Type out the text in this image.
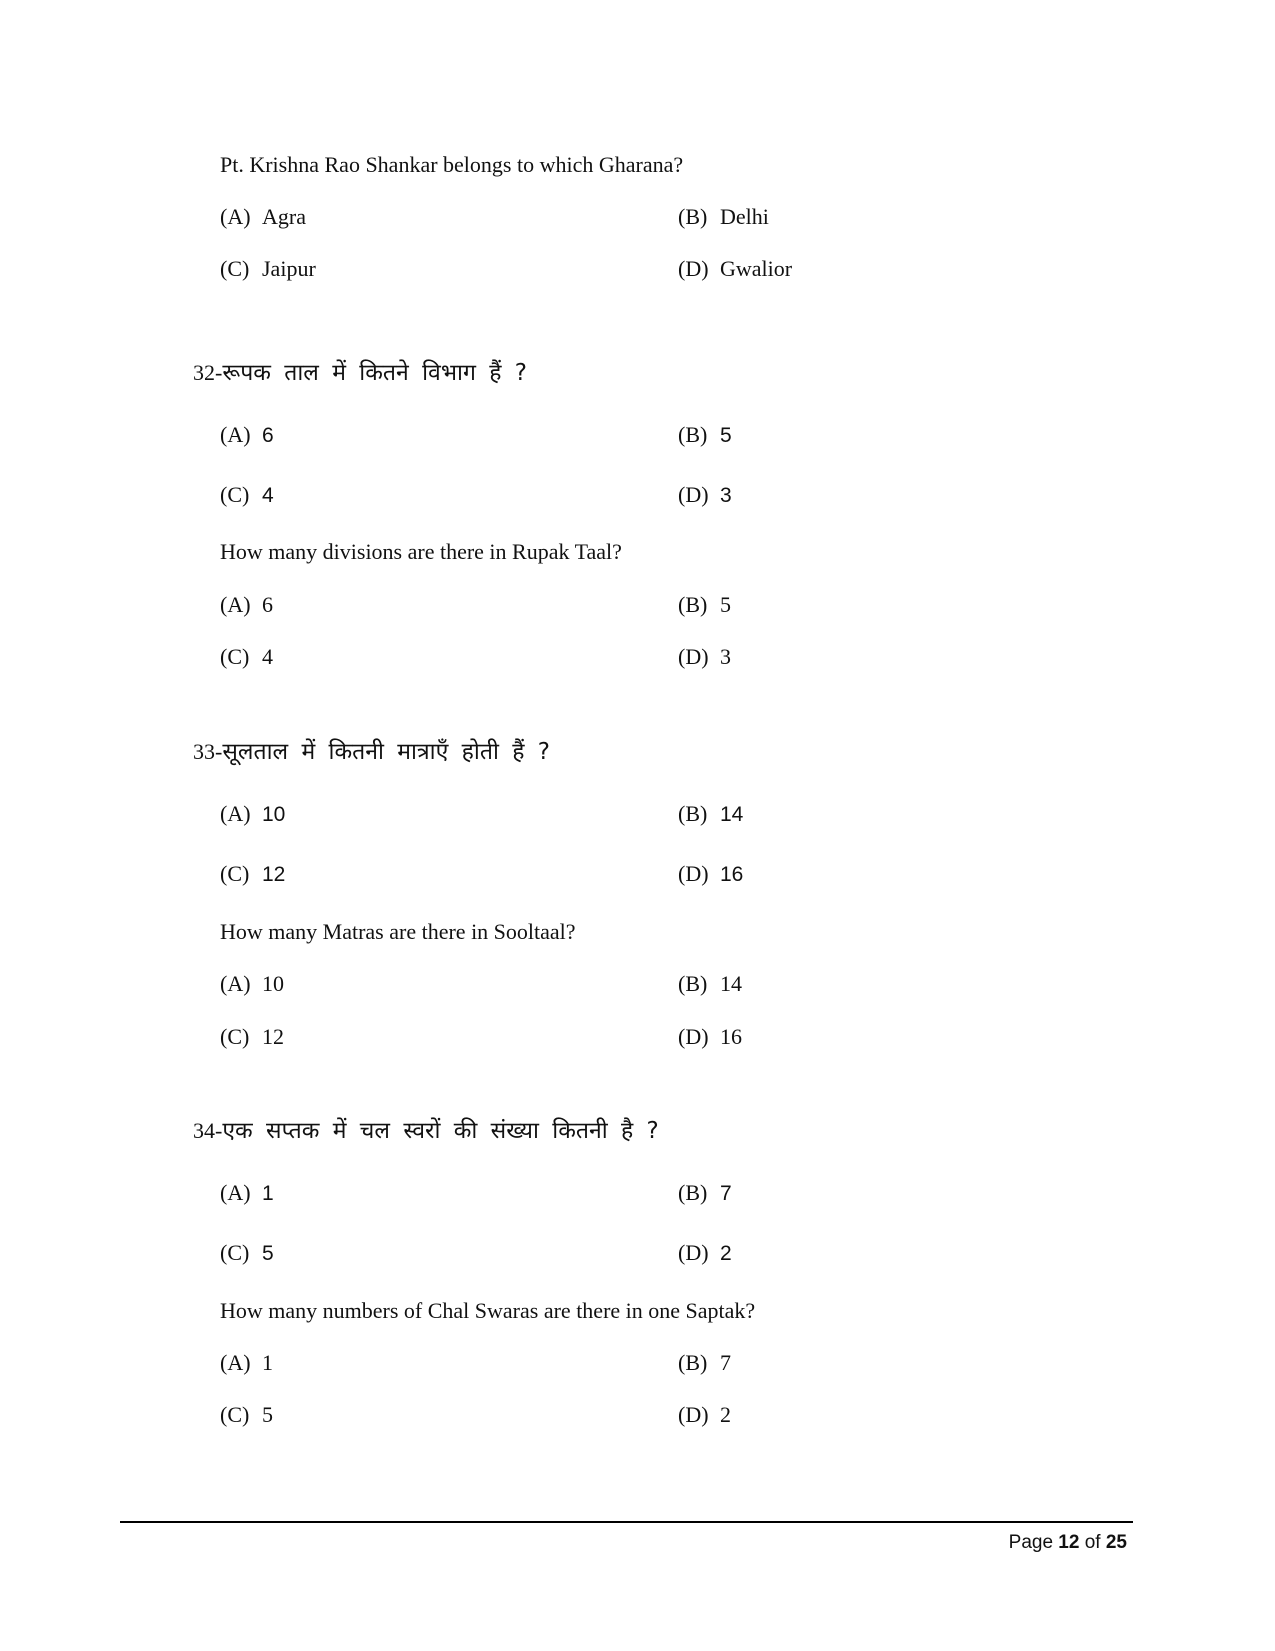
Pt. Krishna Rao Shankar belongs to which Gharana?
(A) Agra	(B) Delhi
(C) Jaipur	(D) Gwalior
32-रूपक ताल में कितने विभाग हैं ?
(A) 6	(B) 5
(C) 4	(D) 3
How many divisions are there in Rupak Taal?
(A) 6	(B) 5
(C) 4	(D) 3
33-सूलताल में कितनी मात्राएँ होती हैं ?
(A) 10	(B) 14
(C) 12	(D) 16
How many Matras are there in Sooltaal?
(A) 10	(B) 14
(C) 12	(D) 16
34-एक सप्तक में चल स्वरों की संख्या कितनी है ?
(A) 1	(B) 7
(C) 5	(D) 2
How many numbers of Chal Swaras are there in one Saptak?
(A) 1	(B) 7
(C) 5	(D) 2
Page 12 of 25
